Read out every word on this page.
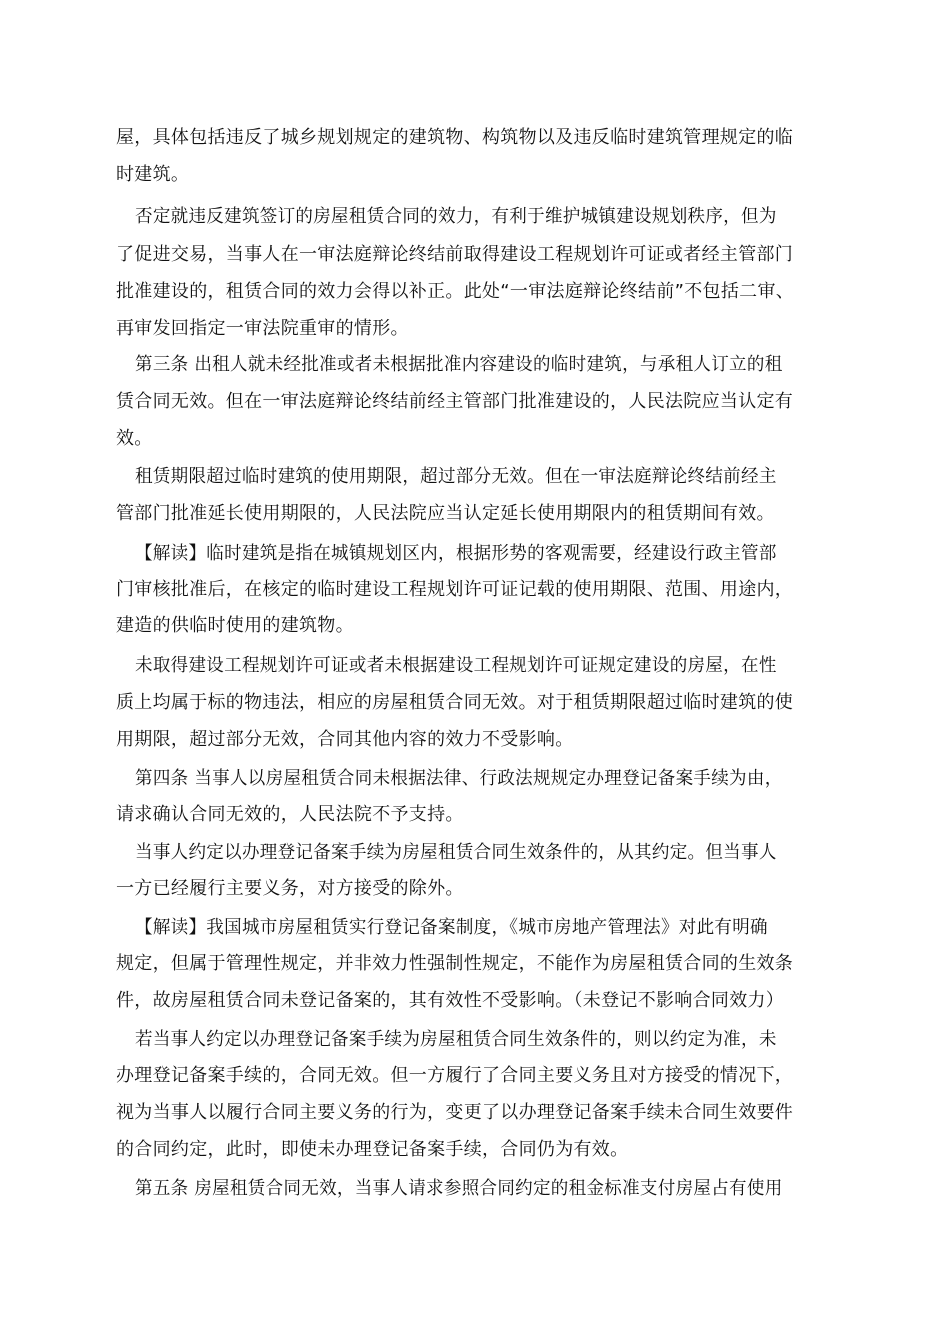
屋，具体包括违反了城乡规划规定的建筑物、构筑物以及违反临时建筑管理规定的临
时建筑。
否定就违反建筑签订的房屋租赁合同的效力，有利于维护城镇建设规划秩序，但为
了促进交易，当事人在一审法庭辩论终结前取得建设工程规划许可证或者经主管部门
批准建设的，租赁合同的效力会得以补正。此处“一审法庭辩论终结前”不包括二审、
再审发回指定一审法院重审的情形。
第三条 出租人就未经批准或者未根据批准内容建设的临时建筑，与承租人订立的租
赁合同无效。但在一审法庭辩论终结前经主管部门批准建设的，人民法院应当认定有
效。
租赁期限超过临时建筑的使用期限，超过部分无效。但在一审法庭辩论终结前经主
管部门批准延长使用期限的，人民法院应当认定延长使用期限内的租赁期间有效。
【解读】临时建筑是指在城镇规划区内，根据形势的客观需要，经建设行政主管部
门审核批准后，在核定的临时建设工程规划许可证记载的使用期限、范围、用途内，
建造的供临时使用的建筑物。
未取得建设工程规划许可证或者未根据建设工程规划许可证规定建设的房屋，在性
质上均属于标的物违法，相应的房屋租赁合同无效。对于租赁期限超过临时建筑的使
用期限，超过部分无效，合同其他内容的效力不受影响。
第四条 当事人以房屋租赁合同未根据法律、行政法规规定办理登记备案手续为由，
请求确认合同无效的，人民法院不予支持。
当事人约定以办理登记备案手续为房屋租赁合同生效条件的，从其约定。但当事人
一方已经履行主要义务，对方接受的除外。
【解读】我国城市房屋租赁实行登记备案制度，《城市房地产管理法》对此有明确
规定，但属于管理性规定，并非效力性强制性规定，不能作为房屋租赁合同的生效条
件，故房屋租赁合同未登记备案的，其有效性不受影响。（未登记不影响合同效力）
若当事人约定以办理登记备案手续为房屋租赁合同生效条件的，则以约定为准，未
办理登记备案手续的，合同无效。但一方履行了合同主要义务且对方接受的情况下，
视为当事人以履行合同主要义务的行为，变更了以办理登记备案手续未合同生效要件
的合同约定，此时，即使未办理登记备案手续，合同仍为有效。
第五条 房屋租赁合同无效，当事人请求参照合同约定的租金标准支付房屋占有使用
